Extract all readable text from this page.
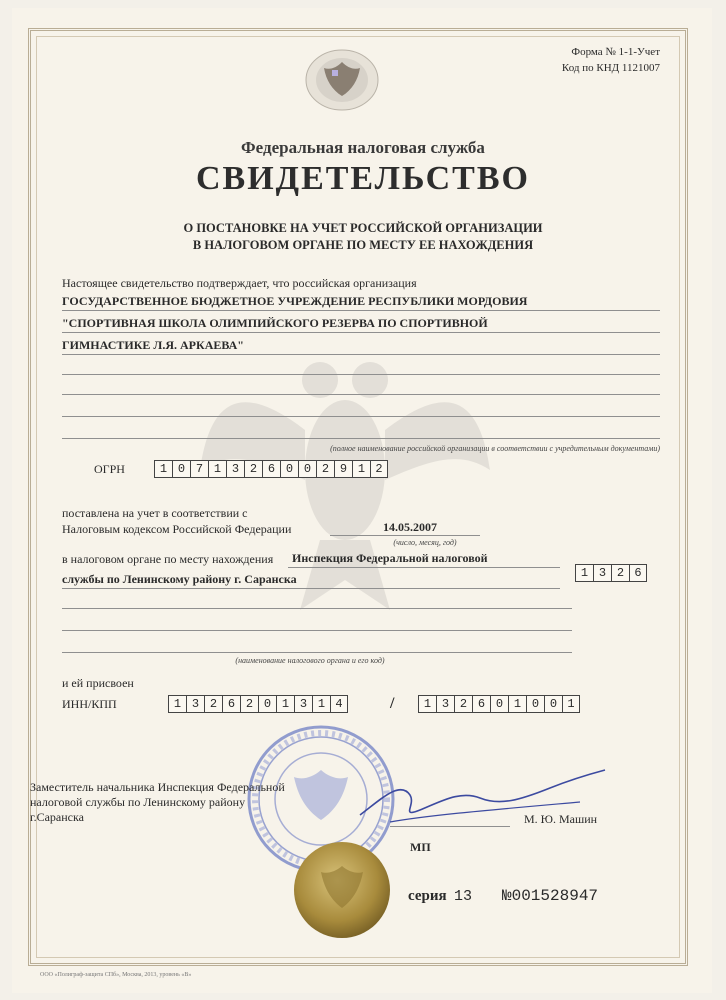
Форма № 1-1-Учет
Код по КНД 1121007
Федеральная налоговая служба
СВИДЕТЕЛЬСТВО
О ПОСТАНОВКЕ НА УЧЕТ РОССИЙСКОЙ ОРГАНИЗАЦИИ
В НАЛОГОВОМ ОРГАНЕ ПО МЕСТУ ЕЕ НАХОЖДЕНИЯ
Настоящее свидетельство подтверждает, что российская организация
ГОСУДАРСТВЕННОЕ БЮДЖЕТНОЕ УЧРЕЖДЕНИЕ РЕСПУБЛИКИ МОРДОВИЯ
"СПОРТИВНАЯ ШКОЛА ОЛИМПИЙСКОГО РЕЗЕРВА ПО СПОРТИВНОЙ
ГИМНАСТИКЕ Л.Я. АРКАЕВА"
(полное наименование российской организации в соответствии с учредительным документами)
ОГРН	1 0 7 1 3 2 6 0 0 2 9 1 2
поставлена на учет в соответствии с
Налоговым кодексом Российской Федерации	14.05.2007
(число, месяц, год)
в налоговом органе по месту нахождения Инспекция Федеральной налоговой
службы по Ленинскому району г. Саранска	1 3 2 6
(наименование налогового органа и его код)
и ей присвоен
ИНН/КПП	1 3 2 6 2 0 1 3 1 4	/	1 3 2 6 0 1 0 0 1
Заместитель начальника Инспекция Федеральной
налоговой службы по Ленинскому району
г.Саранска	М. Ю. Машин
МП
серия 13 №001528947
ООО «Полиграф-защита СПб», Москва, 2013, уровень «В»
